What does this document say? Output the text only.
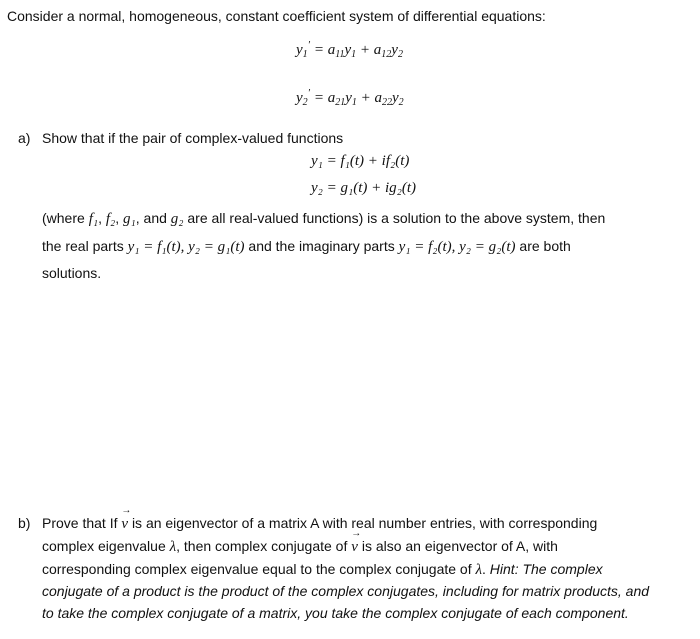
Consider a normal, homogeneous, constant coefficient system of differential equations:
$y_1' = a_{11}y_1 + a_{12}y_2$
$y_2' = a_{21}y_1 + a_{22}y_2$
a) Show that if the pair of complex-valued functions
y₁ = f₁(t) + if₂(t)
y₂ = g₁(t) + ig₂(t)
(where f₁, f₂, g₁, and g₂ are all real-valued functions) is a solution to the above system, then
the real parts y₁ = f₁(t), y₂ = g₁(t) and the imaginary parts y₁ = f₂(t), y₂ = g₂(t) are both
solutions.
b) Prove that If
→
v is an eigenvector of a matrix A with real number entries, with corresponding
complex eigenvalue λ, then complex conjugate of
→
v is also an eigenvector of A, with
corresponding complex eigenvalue equal to the complex conjugate of λ. Hint: The complex
conjugate of a product is the product of the complex conjugates, including for matrix products, and
to take the complex conjugate of a matrix, you take the complex conjugate of each component.
